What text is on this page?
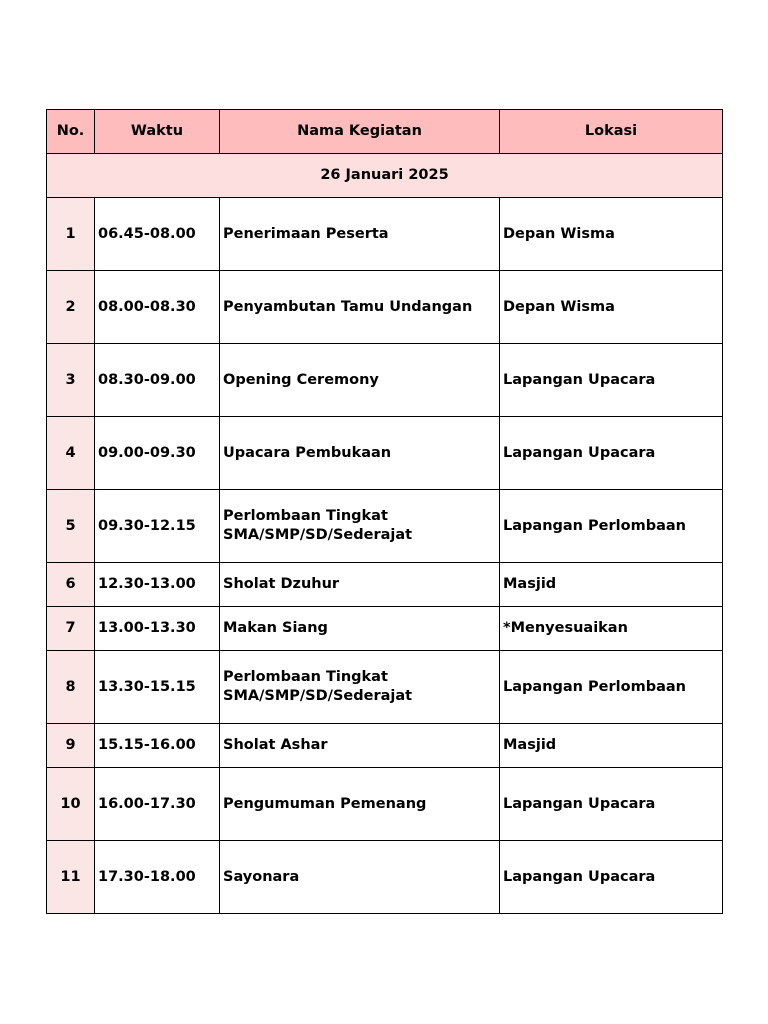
No.	Waktu	Nama Kegiatan	Lokasi
26 Januari 2025			
1	06.45-08.00	Penerimaan Peserta	Depan Wisma
2	08.00-08.30	Penyambutan Tamu Undangan	Depan Wisma
3	08.30-09.00	Opening Ceremony	Lapangan Upacara
4	09.00-09.30	Upacara Pembukaan	Lapangan Upacara
5	09.30-12.15	Perlombaan Tingkat
SMA/SMP/SD/Sederajat	Lapangan Perlombaan
6	12.30-13.00	Sholat Dzuhur	Masjid
7	13.00-13.30	Makan Siang	*Menyesuaikan
8	13.30-15.15	Perlombaan Tingkat
SMA/SMP/SD/Sederajat	Lapangan Perlombaan
9	15.15-16.00	Sholat Ashar	Masjid
10	16.00-17.30	Pengumuman Pemenang	Lapangan Upacara
11	17.30-18.00	Sayonara	Lapangan Upacara
